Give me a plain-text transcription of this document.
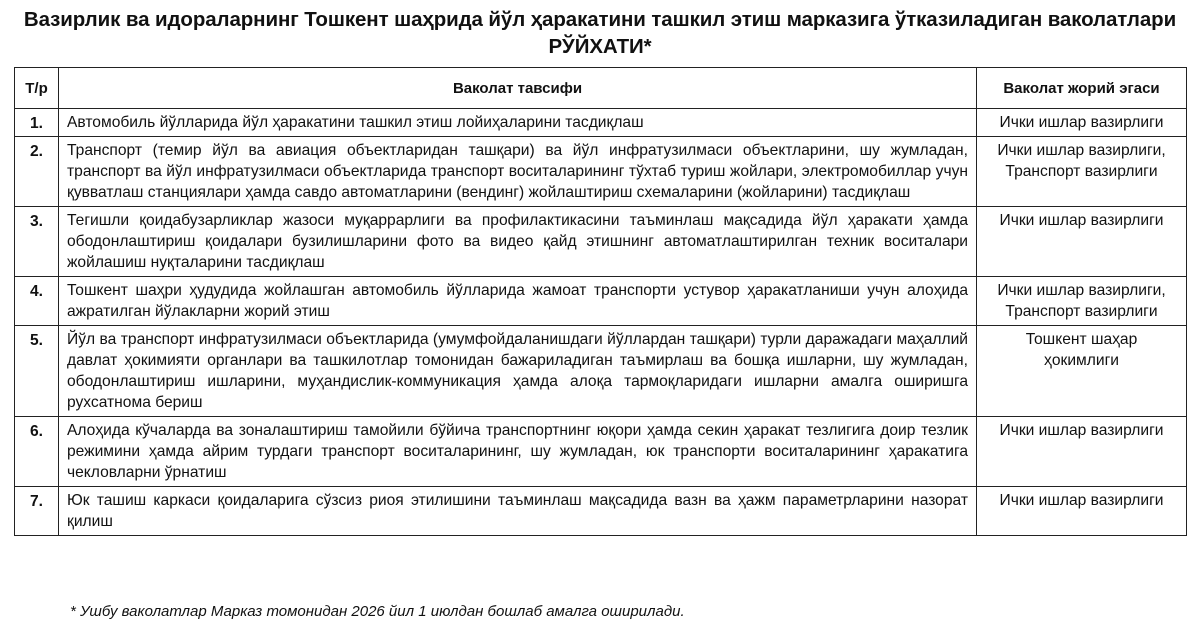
Вазирлик ва идораларнинг Тошкент шаҳрида йўл ҳаракатини ташкил этиш марказига ўтказиладиган ваколатлари
РЎЙХАТИ*
Т/р	Ваколат тавсифи	Ваколат жорий эгаси
1.	Автомобиль йўлларида йўл ҳаракатини ташкил этиш лойиҳаларини тасдиқлаш	Ички ишлар вазирлиги

2.	Транспорт (темир йўл ва авиация объектларидан ташқари) ва йўл инфратузилмаси объектларини, шу жумладан, транспорт ва йўл инфратузилмаси объектларида транспорт воситаларининг тўхтаб туриш жойлари, электромобиллар учун қувватлаш станциялари ҳамда савдо автоматларини (вендинг) жойлаштириш схемаларини (жойларини) тасдиқлаш	Ички ишлар вазирлиги,
Транспорт вазирлиги

3.	Тегишли қоидабузарликлар жазоси муқаррарлиги ва профилактикасини таъминлаш мақсадида йўл ҳаракати ҳамда ободонлаштириш қоидалари бузилишларини фото ва видео қайд этишнинг автоматлаштирилган техник воситалари жойлашиш нуқталарини тасдиқлаш	Ички ишлар вазирлиги

4.	Тошкент шаҳри ҳудудида жойлашган автомобиль йўлларида жамоат транспорти устувор ҳаракатланиши учун алоҳида ажратилган йўлакларни жорий этиш	Ички ишлар вазирлиги,
Транспорт вазирлиги

5.	Йўл ва транспорт инфратузилмаси объектларида (умумфойдаланишдаги йўллардан ташқари) турли даражадаги маҳаллий давлат ҳокимияти органлари ва ташкилотлар томонидан бажариладиган таъмирлаш ва бошқа ишларни, шу жумладан, ободонлаштириш ишларини, муҳандислик-коммуникация ҳамда алоқа тармоқларидаги ишларни амалга оширишга рухсатнома бериш	Тошкент шаҳар
ҳокимлиги

6.	Алоҳида кўчаларда ва зоналаштириш тамойили бўйича транспортнинг юқори ҳамда секин ҳаракат тезлигига доир тезлик режимини ҳамда айрим турдаги транспорт воситаларининг, шу жумладан, юк транспорти воситаларининг ҳаракатига чекловларни ўрнатиш	Ички ишлар вазирлиги

7.	Юк ташиш каркаси қоидаларига сўзсиз риоя этилишини таъминлаш мақсадида вазн ва ҳажм параметрларини назорат қилиш	Ички ишлар вазирлиги
* Ушбу ваколатлар Марказ томонидан 2026 йил 1 июлдан бошлаб амалга оширилади.
